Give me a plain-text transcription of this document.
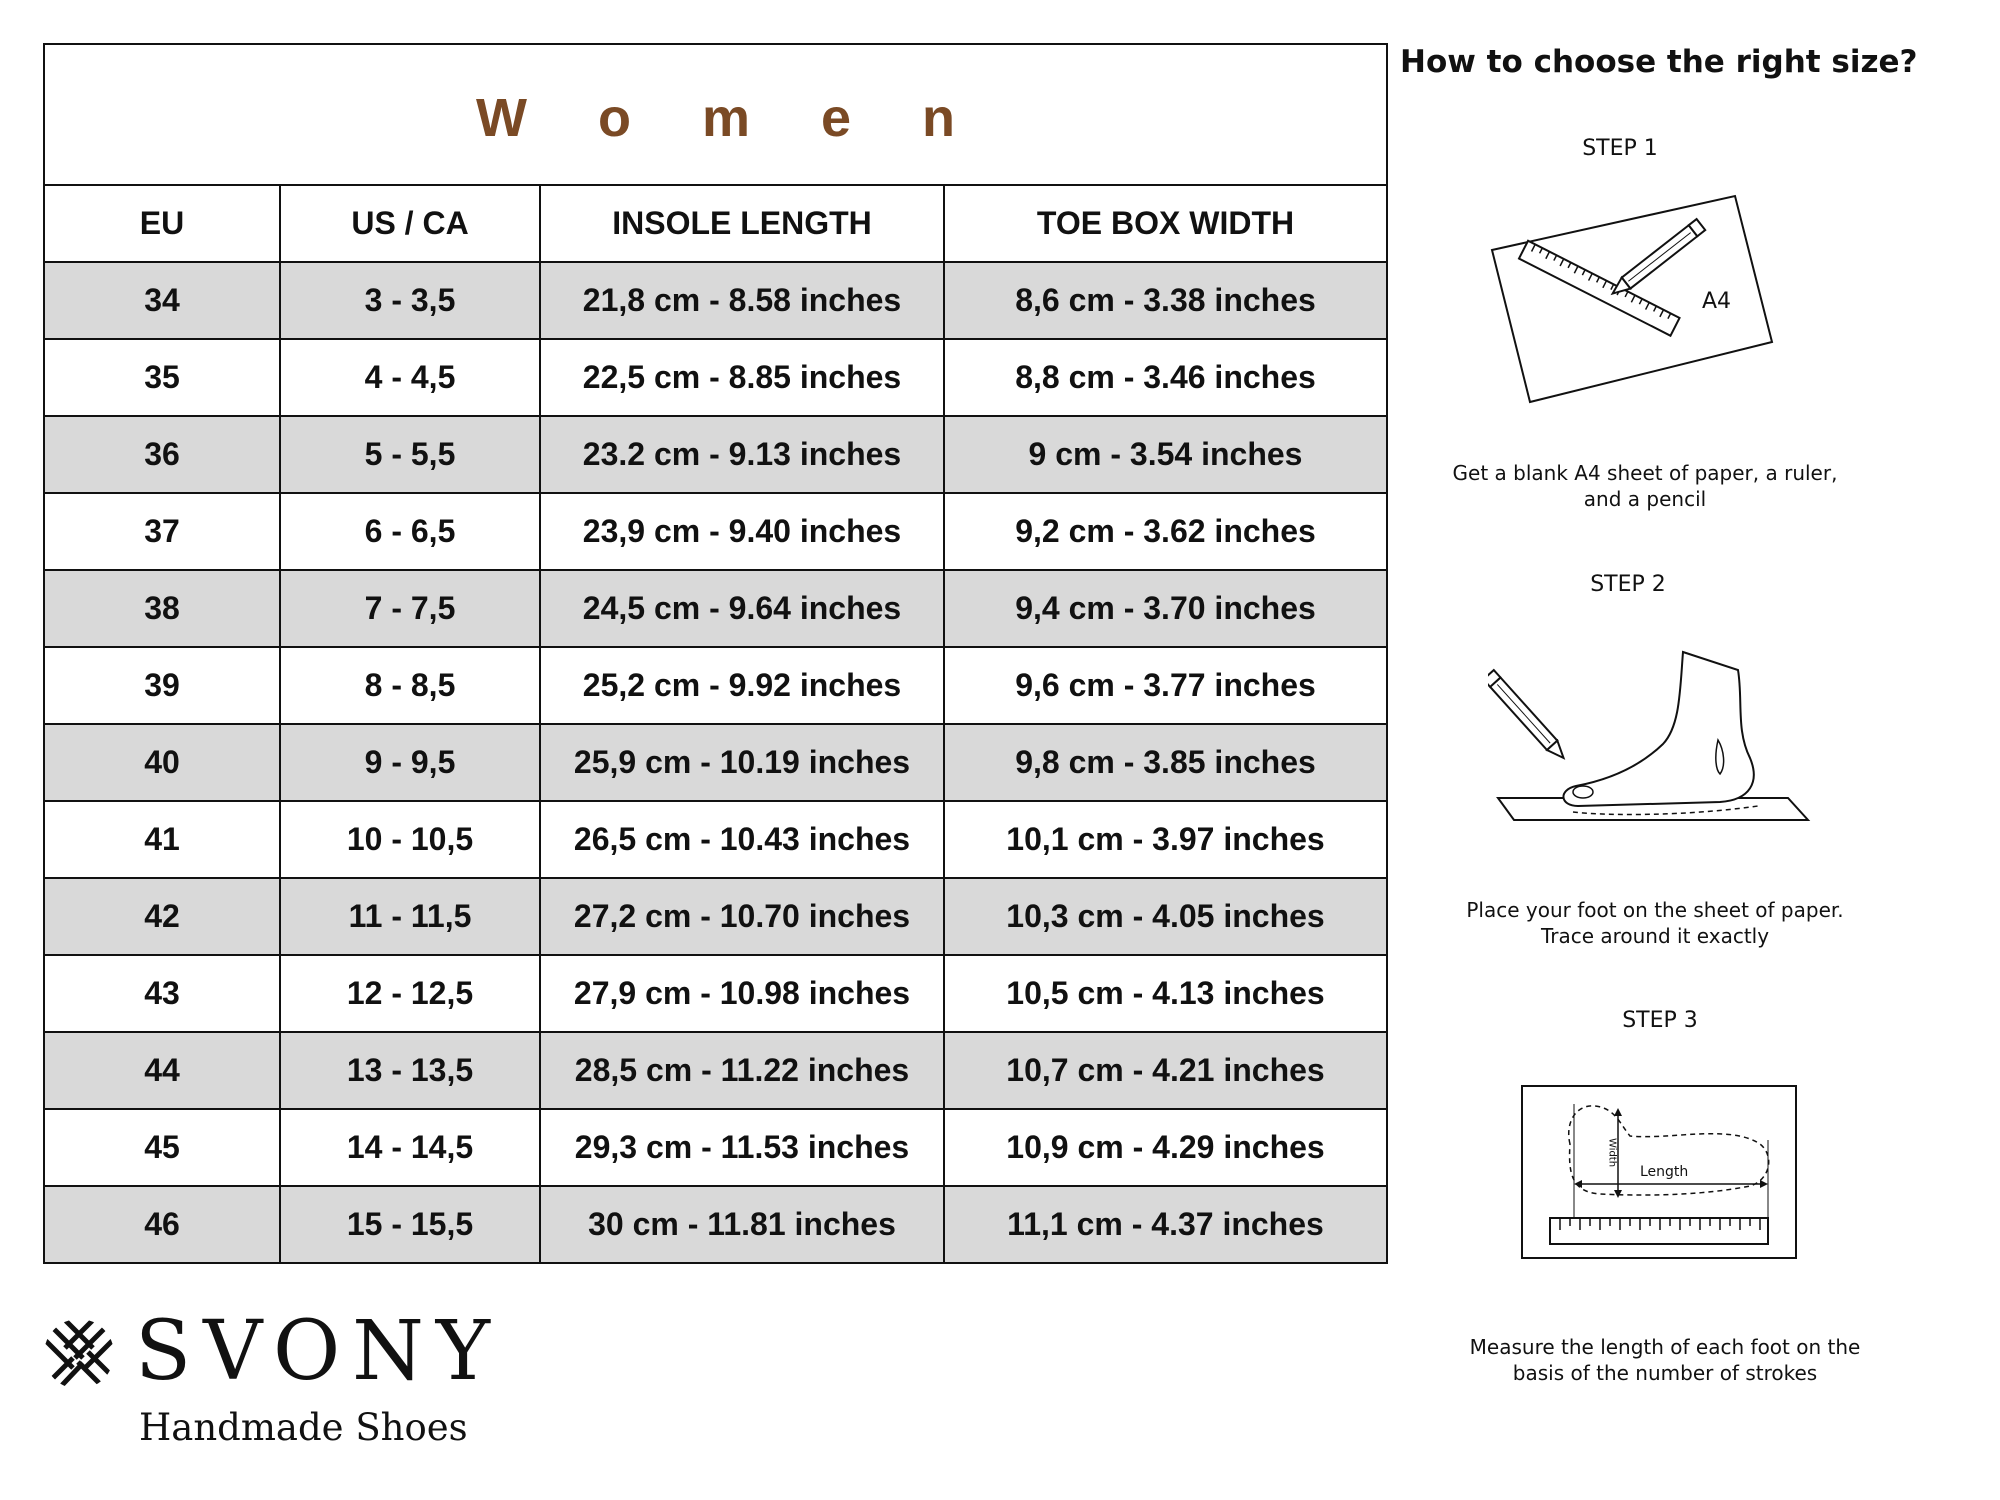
W o m e n			
EU	US / CA	INSOLE LENGTH	TOE BOX WIDTH
34	3 - 3,5	21,8 cm - 8.58 inches	8,6 cm - 3.38 inches
35	4 - 4,5	22,5 cm - 8.85 inches	8,8 cm - 3.46 inches
36	5 - 5,5	23.2 cm - 9.13 inches	9 cm - 3.54 inches
37	6 - 6,5	23,9 cm - 9.40 inches	9,2 cm - 3.62 inches
38	7 - 7,5	24,5 cm - 9.64 inches	9,4 cm - 3.70 inches
39	8 - 8,5	25,2 cm - 9.92 inches	9,6 cm - 3.77 inches
40	9 - 9,5	25,9 cm - 10.19 inches	9,8 cm - 3.85 inches
41	10 - 10,5	26,5 cm - 10.43 inches	10,1 cm - 3.97 inches
42	11 - 11,5	27,2 cm - 10.70 inches	10,3 cm - 4.05 inches
43	12 - 12,5	27,9 cm - 10.98 inches	10,5 cm - 4.13 inches
44	13 - 13,5	28,5 cm - 11.22 inches	10,7 cm - 4.21 inches
45	14 - 14,5	29,3 cm - 11.53 inches	10,9 cm - 4.29 inches
46	15 - 15,5	30 cm - 11.81 inches	11,1 cm - 4.37 inches
SVONY
Handmade Shoes
How to choose the right size?
STEP 1
A4
Get a blank A4 sheet of paper, a ruler,
and a pencil
STEP 2
Place your foot on the sheet of paper.
Trace around it exactly
STEP 3
Length
Width
Measure the length of each foot on the
basis of the number of strokes
